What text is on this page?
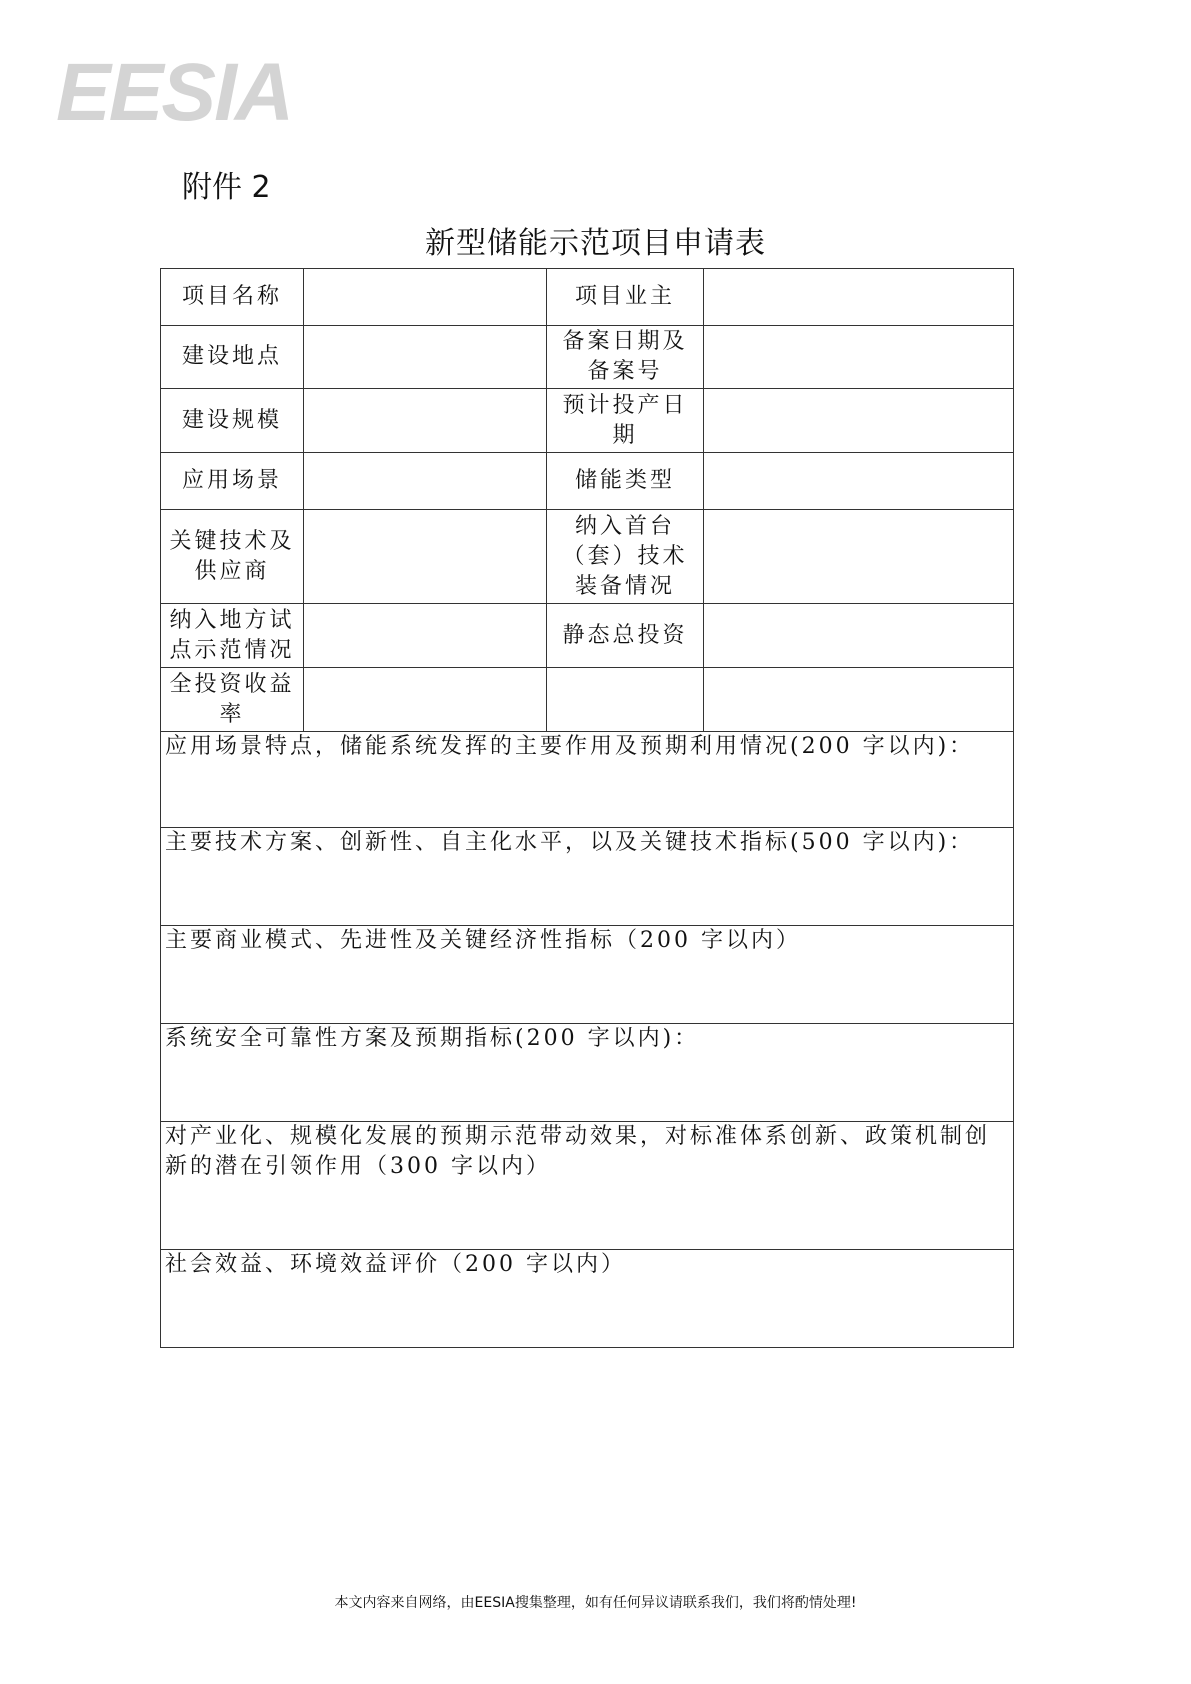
EESIA
附件 2
新型储能示范项目申请表
项目名称		项目业主	
建设地点		备案日期及备案号	
建设规模		预计投产日期	
应用场景		储能类型	
关键技术及供应商		纳入首台（套）技术装备情况	
纳入地方试点示范情况		静态总投资	
全投资收益率			
应用场景特点，储能系统发挥的主要作用及预期利用情况(200 字以内)：			
主要技术方案、创新性、自主化水平，以及关键技术指标(500 字以内)：			
主要商业模式、先进性及关键经济性指标（200 字以内）			
系统安全可靠性方案及预期指标(200 字以内)：			
对产业化、规模化发展的预期示范带动效果，对标准体系创新、政策机制创新的潜在引领作用（300 字以内）			
社会效益、环境效益评价（200 字以内）			
本文内容来自网络，由EESIA搜集整理，如有任何异议请联系我们，我们将酌情处理!
